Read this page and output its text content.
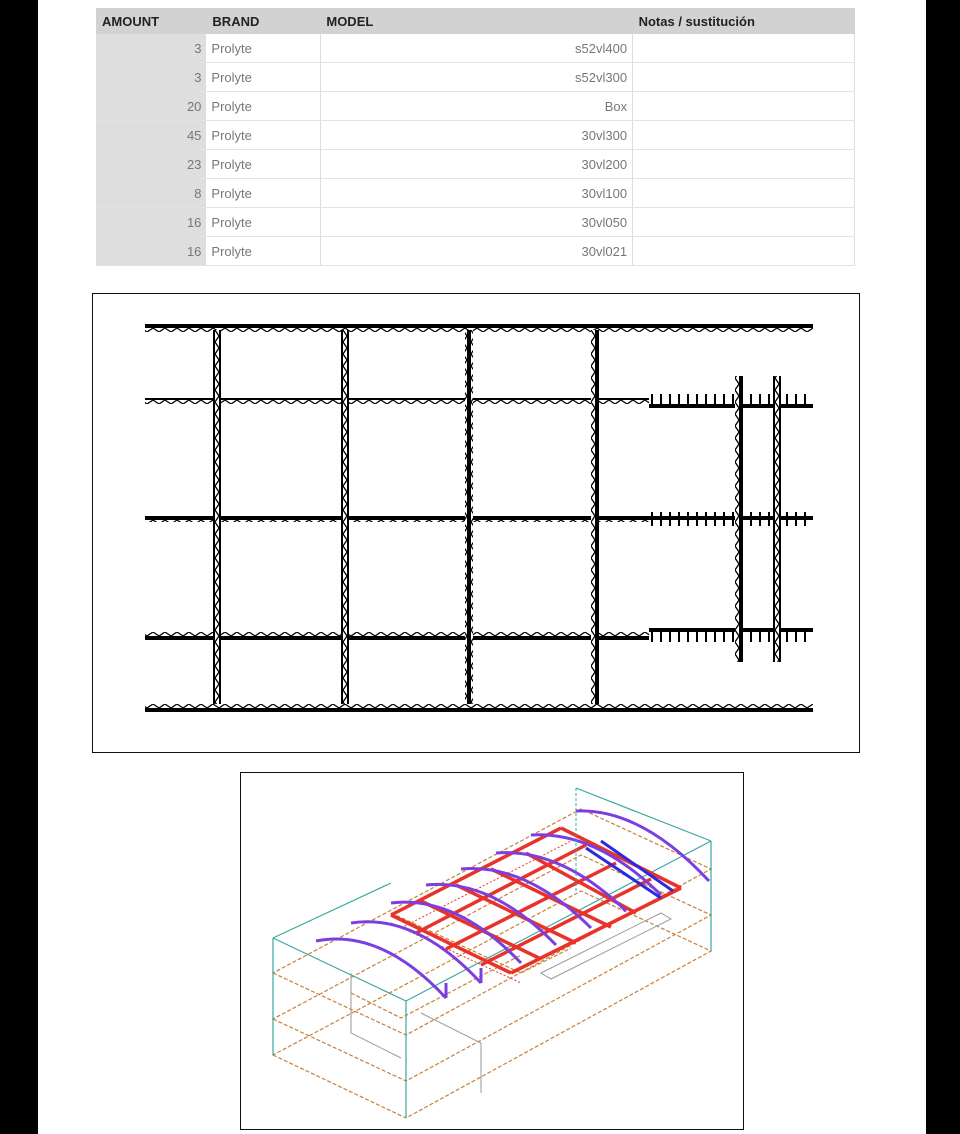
AMOUNT	BRAND	MODEL	Notas / sustitución
3	Prolyte	s52vl400	
3	Prolyte	s52vl300	
20	Prolyte	Box	
45	Prolyte	30vl300	
23	Prolyte	30vl200	
8	Prolyte	30vl100	
16	Prolyte	30vl050	
16	Prolyte	30vl021	
